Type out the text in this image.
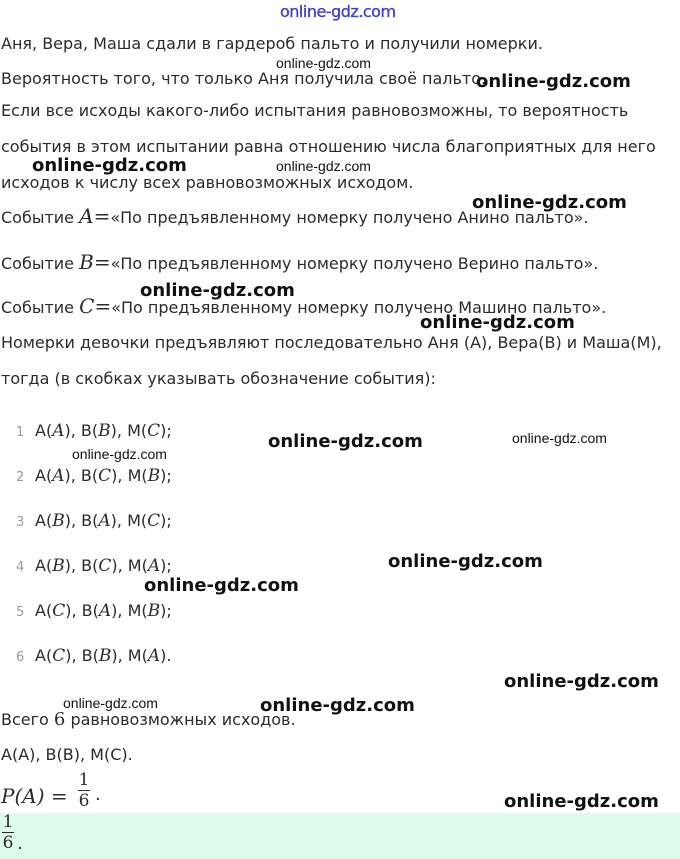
online-gdz.com
Аня, Вера, Маша сдали в гардероб пальто и получили номерки.
Вероятность того, что только Аня получила своё пальто.
Если все исходы какого-либо испытания равновозможны, то вероятность
события в этом испытании равна отношению числа благоприятных для него
исходов к числу всех равновозможных исходом.
Событие A=«По предъявленному номерку получено Анино пальто».
Событие B=«По предъявленному номерку получено Верино пальто».
Событие C=«По предъявленному номерку получено Машино пальто».
Номерки девочки предъявляют последовательно Аня (А), Вера(В) и Маша(М),
тогда (в скобках указывать обозначение события):
1 A(A), B(B), M(C);
2 A(A), B(C), M(B);
3 A(B), B(A), M(C);
4 A(B), B(C), M(A);
5 A(C), B(A), M(B);
6 A(C), B(B), M(A).
Всего 6 равновозможных исходов.
A(A), B(B), M(C).
P(A) =
1
6 .
1
6 .
online-gdz.com
online-gdz.com
online-gdz.com	online-gdz.com
online-gdz.com
online-gdz.com
online-gdz.com
online-gdz.com	online-gdz.com
online-gdz.com
online-gdz.com
online-gdz.com
online-gdz.com
online-gdz.com	online-gdz.com
online-gdz.com
